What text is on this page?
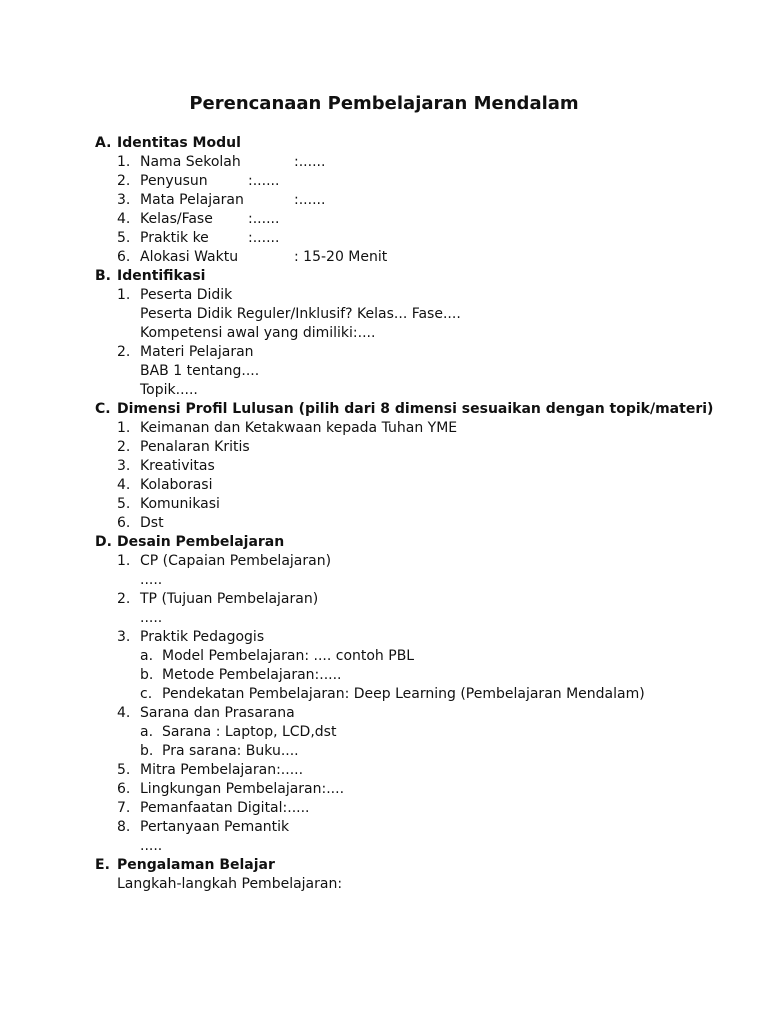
Perencanaan Pembelajaran Mendalam
A. Identitas Modul
1. Nama Sekolah	:......
2. Penyusun	:......
3. Mata Pelajaran	:......
4. Kelas/Fase	:......
5. Praktik ke	:......
6. Alokasi Waktu	: 15-20 Menit
B. Identifikasi
1. Peserta Didik
Peserta Didik Reguler/Inklusif? Kelas... Fase....
Kompetensi awal yang dimiliki:....
2. Materi Pelajaran
BAB 1 tentang....
Topik.....
C. Dimensi Profil Lulusan (pilih dari 8 dimensi sesuaikan dengan topik/materi)
1. Keimanan dan Ketakwaan kepada Tuhan YME
2. Penalaran Kritis
3. Kreativitas
4. Kolaborasi
5. Komunikasi
6. Dst
D. Desain Pembelajaran
1. CP (Capaian Pembelajaran)
.....
2. TP (Tujuan Pembelajaran)
.....
3. Praktik Pedagogis
a. Model Pembelajaran: .... contoh PBL
b. Metode Pembelajaran:.....
c. Pendekatan Pembelajaran: Deep Learning (Pembelajaran Mendalam)
4. Sarana dan Prasarana
a. Sarana : Laptop, LCD,dst
b. Pra sarana: Buku....
5. Mitra Pembelajaran:.....
6. Lingkungan Pembelajaran:....
7. Pemanfaatan Digital:.....
8. Pertanyaan Pemantik
.....
E. Pengalaman Belajar
Langkah-langkah Pembelajaran:
